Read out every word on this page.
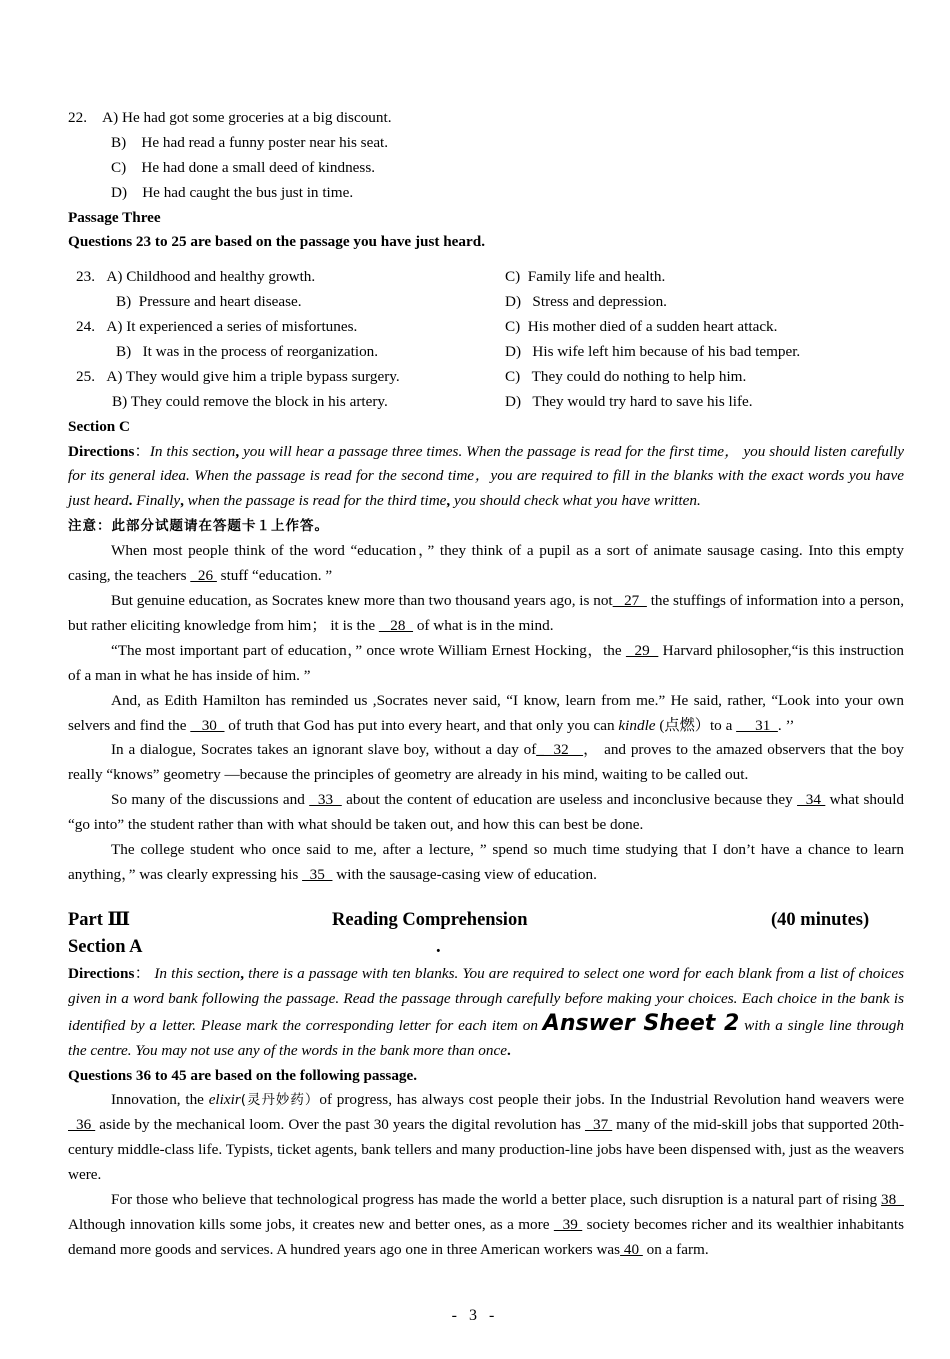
22. A) He had got some groceries at a big discount.
B)    He had read a funny poster near his seat.
C)    He had done a small deed of kindness.
D)    He had caught the bus just in time.
Passage Three
Questions 23 to 25 are based on the passage you have just heard.
23.   A) Childhood and healthy growth.	C)  Family life and health.
B)  Pressure and heart disease.	D)   Stress and depression.
24.   A) It experienced a series of misfortunes.	C)  His mother died of a sudden heart attack.
B)   It was in the process of reorganization.	D)   His wife left him because of his bad temper.
25.   A) They would give him a triple bypass surgery.	C)   They could do nothing to help him.
B) They could remove the block in his artery.	D)   They would try hard to save his life.
Section C
Directions：In this section, you will hear a passage three times. When the passage is read for the first time， you should listen carefully for its general idea. When the passage is read for the second time，you are required to fill in the blanks with the exact words you have just heard. Finally, when the passage is read for the third time, you should check what you have written.
注意：此部分试题请在答题卡１上作答。
When most people think of the word “education，” they think of a pupil as a sort of animate sausage casing. Into this empty casing, the teachers   26  stuff “education. ”
But genuine education, as Socrates knew more than two thousand years ago, is not   27   the stuffings of information into a person, but rather eliciting knowledge from him； it is the    28   of what is in the mind.
“The most important part of education，” once wrote William Ernest Hocking，the   29   Harvard philosopher,“is this instruction of a man in what he has inside of him. ”
And, as Edith Hamilton has reminded us ,Socrates never said, “I know, learn from me.” He said, rather, “Look into your own selvers and find the    30   of truth that God has put into every heart, and that only you can kindle (点燃）to a      31  . ’’
In a dialogue, Socrates takes an ignorant slave boy, without a day of_  32   ， and proves to the amazed observers that the boy really “knows” geometry —because the principles of geometry are already in his mind, waiting to be called out.
So many of the discussions and   33   about the content of education are useless and inconclusive because they   34  what should “go into” the student rather than with what should be taken out, and how this can best be done.
The college student who once said to me, after a lecture, ” spend so much time studying that I don’t have a chance to learn anything，” was clearly expressing his   35   with the sausage-casing view of education.
Part Ⅲ	Reading Comprehension	(40 minutes)
Section A	.
Directions： In this section, there is a passage with ten blanks. You are required to select one word for each blank from a list of choices given in a word bank following the passage. Read the passage through carefully before making your choices. Each choice in the bank is identified by a letter. Please mark the corresponding letter for each item on Answer Sheet 2 with a single line through the centre. You may not use any of the words in the bank more than once.
Questions 36 to 45 are based on the following passage.
Innovation, the elixir(灵丹妙药）of progress, has always cost people their jobs. In the Industrial Revolution hand weavers were   36  aside by the mechanical loom. Over the past 30 years the digital revolution has   37  many of the mid-skill jobs that supported 20th-century middle-class life. Typists, ticket agents, bank tellers and many production-line jobs have been dispensed with, just as the weavers were.
For those who believe that technological progress has made the world a better place, such disruption is a natural part of rising 38   Although innovation kills some jobs, it creates new and better ones, as a more   39  society becomes richer and its wealthier inhabitants demand more goods and services. A hundred years ago one in three American workers was 40  on a farm.
- 3 -
